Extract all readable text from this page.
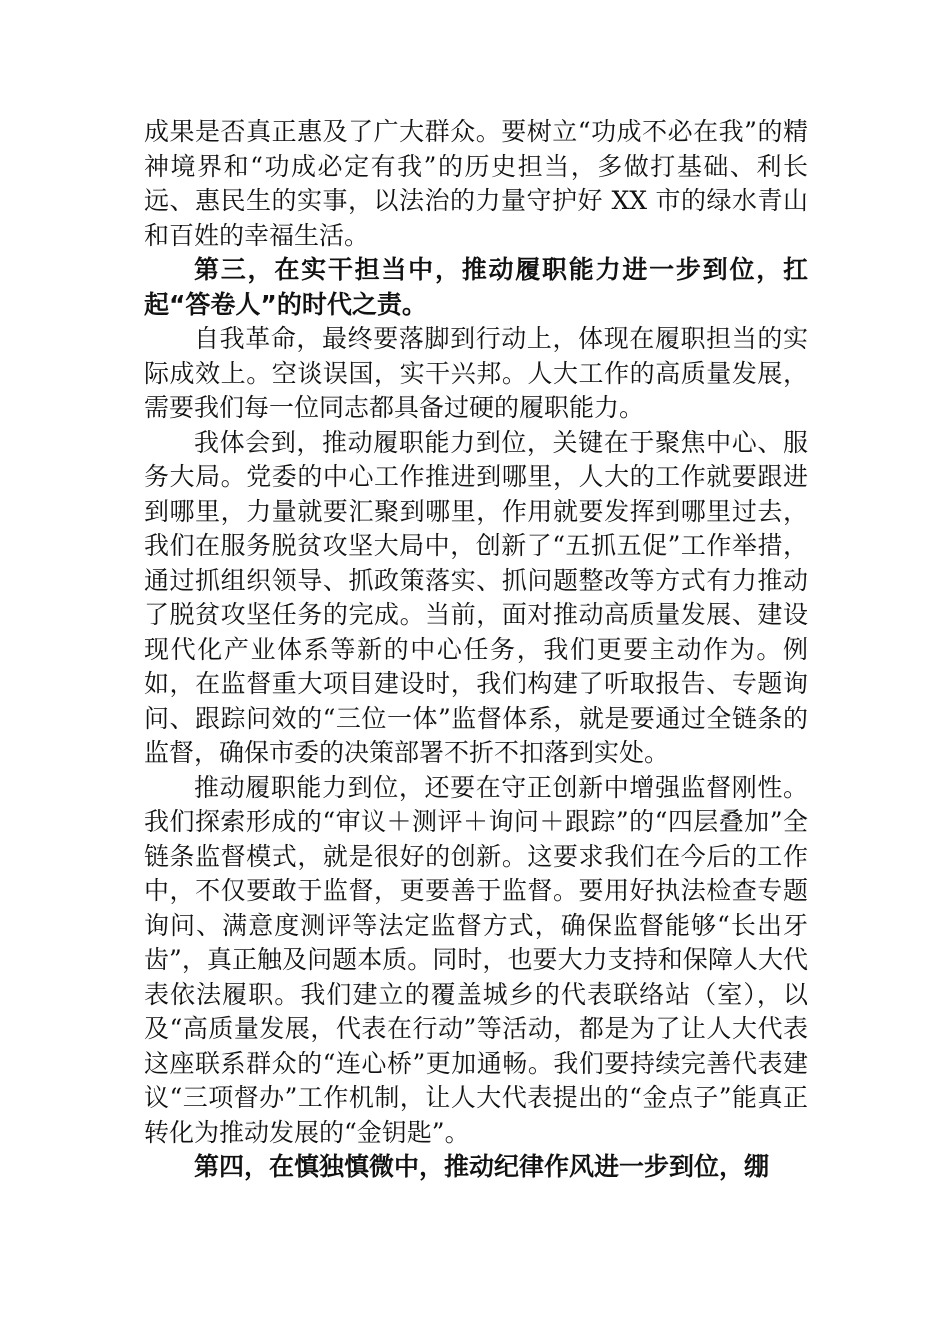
成果是否真正惠及了广大群众。要树立“功成不必在我”的精神境界和“功成必定有我”的历史担当，多做打基础、利长远、惠民生的实事，以法治的力量守护好 XX 市的绿水青山和百姓的幸福生活。

第三，在实干担当中，推动履职能力进一步到位，扛起“答卷人”的时代之责。

自我革命，最终要落脚到行动上，体现在履职担当的实际成效上。空谈误国，实干兴邦。人大工作的高质量发展，需要我们每一位同志都具备过硬的履职能力。

我体会到，推动履职能力到位，关键在于聚焦中心、服务大局。党委的中心工作推进到哪里，人大的工作就要跟进到哪里，力量就要汇聚到哪里，作用就要发挥到哪里过去，我们在服务脱贫攻坚大局中，创新了“五抓五促”工作举措，通过抓组织领导、抓政策落实、抓问题整改等方式有力推动了脱贫攻坚任务的完成。当前，面对推动高质量发展、建设现代化产业体系等新的中心任务，我们更要主动作为。例如，在监督重大项目建设时，我们构建了听取报告、专题询问、跟踪问效的“三位一体”监督体系，就是要通过全链条的监督，确保市委的决策部署不折不扣落到实处。

推动履职能力到位，还要在守正创新中增强监督刚性。我们探索形成的“审议＋测评＋询问＋跟踪”的“四层叠加”全链条监督模式，就是很好的创新。这要求我们在今后的工作中，不仅要敢于监督，更要善于监督。要用好执法检查专题询问、满意度测评等法定监督方式，确保监督能够“长出牙齿”，真正触及问题本质。同时，也要大力支持和保障人大代表依法履职。我们建立的覆盖城乡的代表联络站（室），以及“高质量发展，代表在行动”等活动，都是为了让人大代表这座联系群众的“连心桥”更加通畅。我们要持续完善代表建议“三项督办”工作机制，让人大代表提出的“金点子”能真正转化为推动发展的“金钥匙”。

第四，在慎独慎微中，推动纪律作风进一步到位，绷
